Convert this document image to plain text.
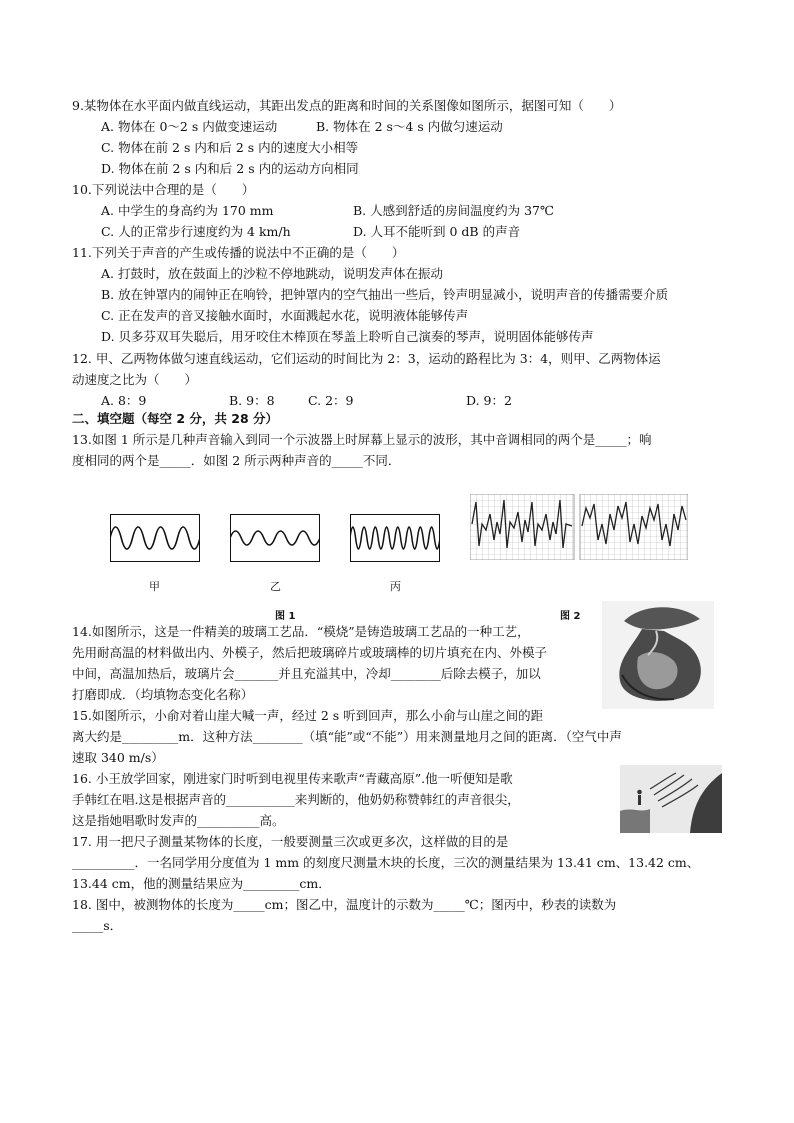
9.某物体在水平面内做直线运动，其距出发点的距离和时间的关系图像如图所示，据图可知（　　）
A. 物体在 0～2 s 内做变速运动	B. 物体在 2 s～4 s 内做匀速运动
C. 物体在前 2 s 内和后 2 s 内的速度大小相等
D. 物体在前 2 s 内和后 2 s 内的运动方向相同
10.下列说法中合理的是（　　）
A. 中学生的身高约为 170 mm	B. 人感到舒适的房间温度约为 37℃
C. 人的正常步行速度约为 4 km/h	D. 人耳不能听到 0 dB 的声音
11.下列关于声音的产生或传播的说法中不正确的是（　　）
A. 打鼓时，放在鼓面上的沙粒不停地跳动，说明发声体在振动
B. 放在钟罩内的闹钟正在响铃，把钟罩内的空气抽出一些后，铃声明显减小，说明声音的传播需要介质
C. 正在发声的音叉接触水面时，水面溅起水花，说明液体能够传声
D. 贝多芬双耳失聪后，用牙咬住木棒顶在琴盖上聆听自己演奏的琴声，说明固体能够传声
12. 甲、乙两物体做匀速直线运动，它们运动的时间比为 2：3，运动的路程比为 3：4，则甲、乙两物体运
动速度之比为（　　）
A. 8：9	B. 9：8	C. 2：9	D. 9：2
二、填空题（每空 2 分，共 28 分）
13.如图 1 所示是几种声音输入到同一个示波器上时屏幕上显示的波形，其中音调相同的两个是_____；响
度相同的两个是_____．如图 2 所示两种声音的_____不同．
甲	乙	丙
图 1	图 2
14.如图所示，这是一件精美的玻璃工艺品．“模烧”是铸造玻璃工艺品的一种工艺，
先用耐高温的材料做出内、外模子，然后把玻璃碎片或玻璃棒的切片填充在内、外模子
中间，高温加热后，玻璃片会_______并且充溢其中，冷却________后除去模子，加以
打磨即成．（均填物态变化名称）
15.如图所示，小俞对着山崖大喊一声，经过 2 s 听到回声，那么小俞与山崖之间的距
离大约是_________m．这种方法________（填“能”或“不能”）用来测量地月之间的距离．（空气中声
速取 340 m/s）
16. 小王放学回家，刚进家门时听到电视里传来歌声“青藏高原”.他一听便知是歌
手韩红在唱.这是根据声音的___________来判断的，他奶奶称赞韩红的声音很尖，
这是指她唱歌时发声的__________高。
17. 用一把尺子测量某物体的长度，一般要测量三次或更多次，这样做的目的是
__________．一名同学用分度值为 1 mm 的刻度尺测量木块的长度，三次的测量结果为 13.41 cm、13.42 cm、
13.44 cm，他的测量结果应为_________cm．
18. 图中，被测物体的长度为_____cm；图乙中，温度计的示数为_____℃；图丙中，秒表的读数为
_____s．
